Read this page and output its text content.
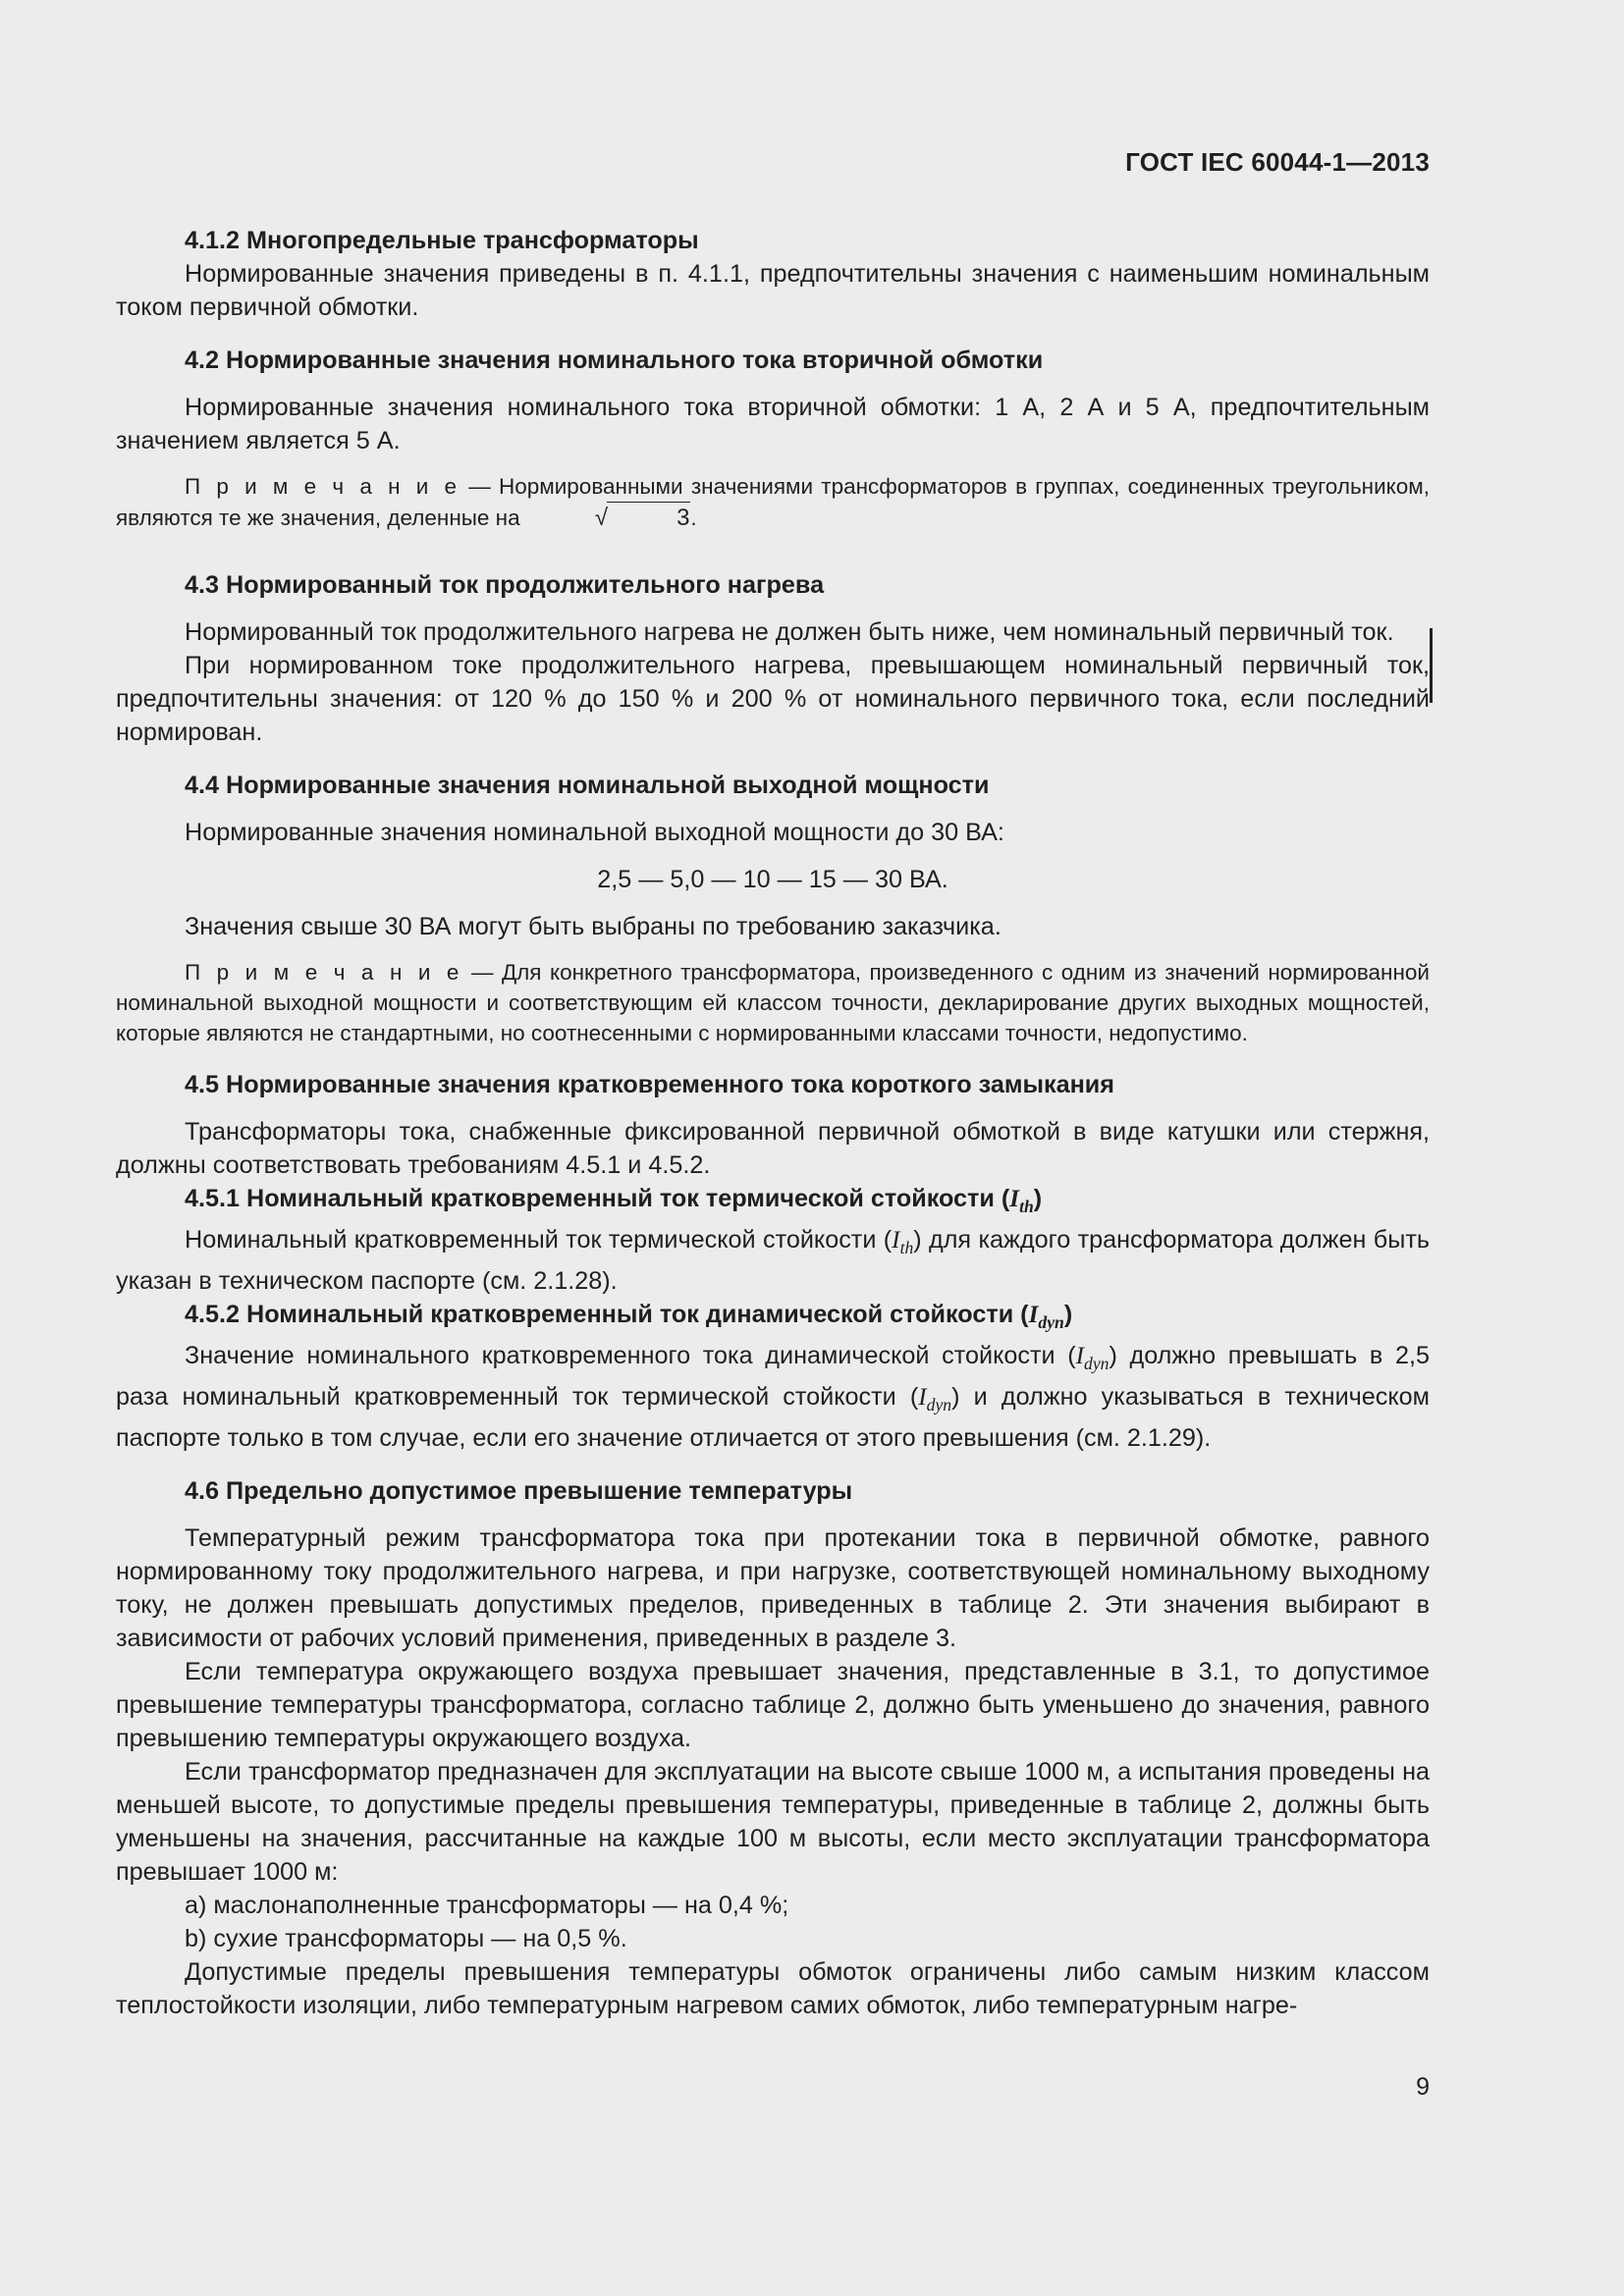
ГОСТ IEC 60044-1—2013
4.1.2 Многопредельные трансформаторы

Нормированные значения приведены в п. 4.1.1, предпочтительны значения с наименьшим номинальным током первичной обмотки.

4.2 Нормированные значения номинального тока вторичной обмотки

Нормированные значения номинального тока вторичной обмотки: 1 А, 2 А и 5 А, предпочтительным значением является 5 А.

П р и м е ч а н и е — Нормированными значениями трансформаторов в группах, соединенных треугольником, являются те же значения, деленные на	√	3.

4.3 Нормированный ток продолжительного нагрева

Нормированный ток продолжительного нагрева не должен быть ниже, чем номинальный первичный ток.

При нормированном токе продолжительного нагрева, превышающем номинальный первичный ток, предпочтительны значения: от 120 % до 150 % и 200 % от номинального первичного тока, если последний нормирован.

4.4 Нормированные значения номинальной выходной мощности

Нормированные значения номинальной выходной мощности до 30 ВА:

2,5 — 5,0 — 10 — 15 — 30 ВА.

Значения свыше 30 ВА могут быть выбраны по требованию заказчика.

П р и м е ч а н и е — Для конкретного трансформатора, произведенного с одним из значений нормированной номинальной выходной мощности и соответствующим ей классом точности, декларирование других выходных мощностей, которые являются не стандартными, но соотнесенными с нормированными классами точности, недопустимо.

4.5 Нормированные значения кратковременного тока короткого замыкания

Трансформаторы тока, снабженные фиксированной первичной обмоткой в виде катушки или стержня, должны соответствовать требованиям 4.5.1 и 4.5.2.

4.5.1 Номинальный кратковременный ток термической стойкости $(I_{th})$

Номинальный кратковременный ток термической стойкости $(I_{th})$ для каждого трансформатора должен быть указан в техническом паспорте (см. 2.1.28).

4.5.2 Номинальный кратковременный ток динамической стойкости $(I_{dyn})$

Значение номинального кратковременного тока динамической стойкости $(I_{dyn})$ должно превышать в 2,5 раза номинальный кратковременный ток термической стойкости $(I_{dyn})$ и должно указываться в техническом паспорте только в том случае, если его значение отличается от этого превышения (см. 2.1.29).

4.6 Предельно допустимое превышение температуры

Температурный режим трансформатора тока при протекании тока в первичной обмотке, равного нормированному току продолжительного нагрева, и при нагрузке, соответствующей номинальному выходному току, не должен превышать допустимых пределов, приведенных в таблице 2. Эти значения выбирают в зависимости от рабочих условий применения, приведенных в разделе 3.

Если температура окружающего воздуха превышает значения, представленные в 3.1, то допустимое превышение температуры трансформатора, согласно таблице 2, должно быть уменьшено до значения, равного превышению температуры окружающего воздуха.

Если трансформатор предназначен для эксплуатации на высоте свыше 1000 м, а испытания проведены на меньшей высоте, то допустимые пределы превышения температуры, приведенные в таблице 2, должны быть уменьшены на значения, рассчитанные на каждые 100 м высоты, если место эксплуатации трансформатора превышает 1000 м:

a) маслонаполненные трансформаторы — на 0,4 %;

b) сухие трансформаторы — на 0,5 %.

Допустимые пределы превышения температуры обмоток ограничены либо самым низким классом теплостойкости изоляции, либо температурным нагревом самих обмоток, либо температурным нагре-

9
